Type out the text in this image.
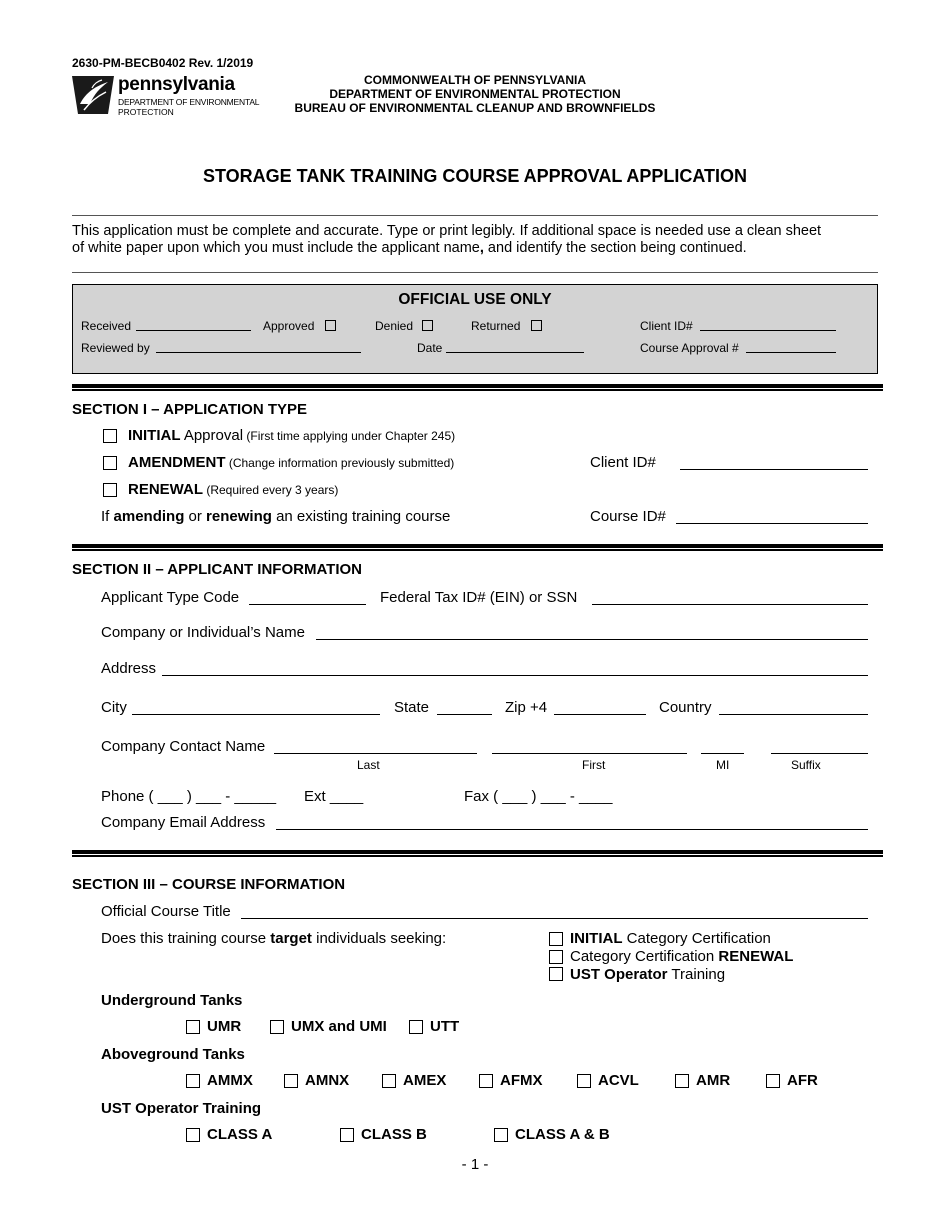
2630-PM-BECB0402 Rev. 1/2019
pennsylvania
DEPARTMENT OF ENVIRONMENTAL
PROTECTION
COMMONWEALTH OF PENNSYLVANIA
DEPARTMENT OF ENVIRONMENTAL PROTECTION
BUREAU OF ENVIRONMENTAL CLEANUP AND BROWNFIELDS
STORAGE TANK TRAINING COURSE APPROVAL APPLICATION
This application must be complete and accurate. Type or print legibly. If additional space is needed use a clean sheet
of white paper upon which you must include the applicant name, and identify the section being continued.
OFFICIAL USE ONLY
Received	Approved	Denied	Returned	Client ID#
Reviewed by	Date	Course Approval #
SECTION I – APPLICATION TYPE
INITIAL Approval (First time applying under Chapter 245)
AMENDMENT (Change information previously submitted)	Client ID#
RENEWAL (Required every 3 years)
If amending or renewing an existing training course	Course ID#
SECTION II – APPLICANT INFORMATION
Applicant Type Code	Federal Tax ID# (EIN) or SSN
Company or Individual’s Name
Address
City	State	Zip +4	Country
Company Contact Name
Last	First	MI	Suffix
Phone ( ___ ) ___ - _____ Ext ____	Fax ( ___ ) ___ - ____
Company Email Address
SECTION III – COURSE INFORMATION
Official Course Title
Does this training course target individuals seeking:	INITIAL Category Certification
Category Certification RENEWAL
UST Operator Training
Underground Tanks
UMR	UMX and UMI	UTT
Aboveground Tanks
AMMX	AMNX	AMEX	AFMX	ACVL	AMR	AFR
UST Operator Training
CLASS A	CLASS B	CLASS A & B
- 1 -
